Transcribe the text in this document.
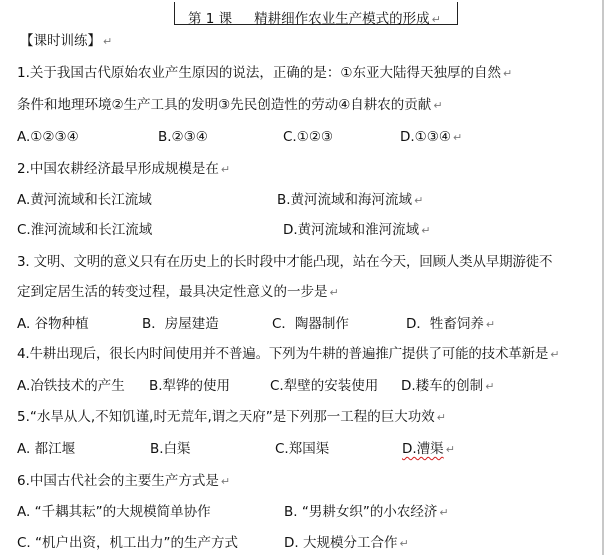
第 1 课 精耕细作农业生产模式的形成 ↵
【课时训练】 ↵
1.关于我国古代原始农业产生原因的说法，正确的是：①东亚大陆得天独厚的自然 ↵
条件和地理环境②生产工具的发明③先民创造性的劳动④自耕农的贡献 ↵
A.①②③④	B.②③④	C.①②③	D.①③④ ↵
2.中国农耕经济最早形成规模是在 ↵
A.黄河流域和长江流域	B.黄河流域和海河流域 ↵
C.淮河流域和长江流域	D.黄河流域和淮河流域 ↵
3. 文明、文明的意义只有在历史上的长时段中才能凸现，站在今天，回顾人类从早期游徙不
定到定居生活的转变过程，最具决定性意义的一步是 ↵
A. 谷物种植	B．房屋建造	C．陶器制作	D．牲畜饲养 ↵
4.牛耕出现后，很长内时间使用并不普遍。下列为牛耕的普遍推广提供了可能的技术革新是 ↵
A.冶铁技术的产生 B.犁铧的使用	C.犁壁的安装使用 D.耧车的创制 ↵
5.“水旱从人,不知饥谨,时无荒年,谓之天府”是下列那一工程的巨大功效 ↵
A. 都江堰	B.白渠	C.郑国渠	D.漕渠 ↵
6.中国古代社会的主要生产方式是 ↵
A. “千耦其耘”的大规模简单协作	B. “男耕女织”的小农经济 ↵
C. “机户出资，机工出力”的生产方式	D. 大规模分工合作 ↵
